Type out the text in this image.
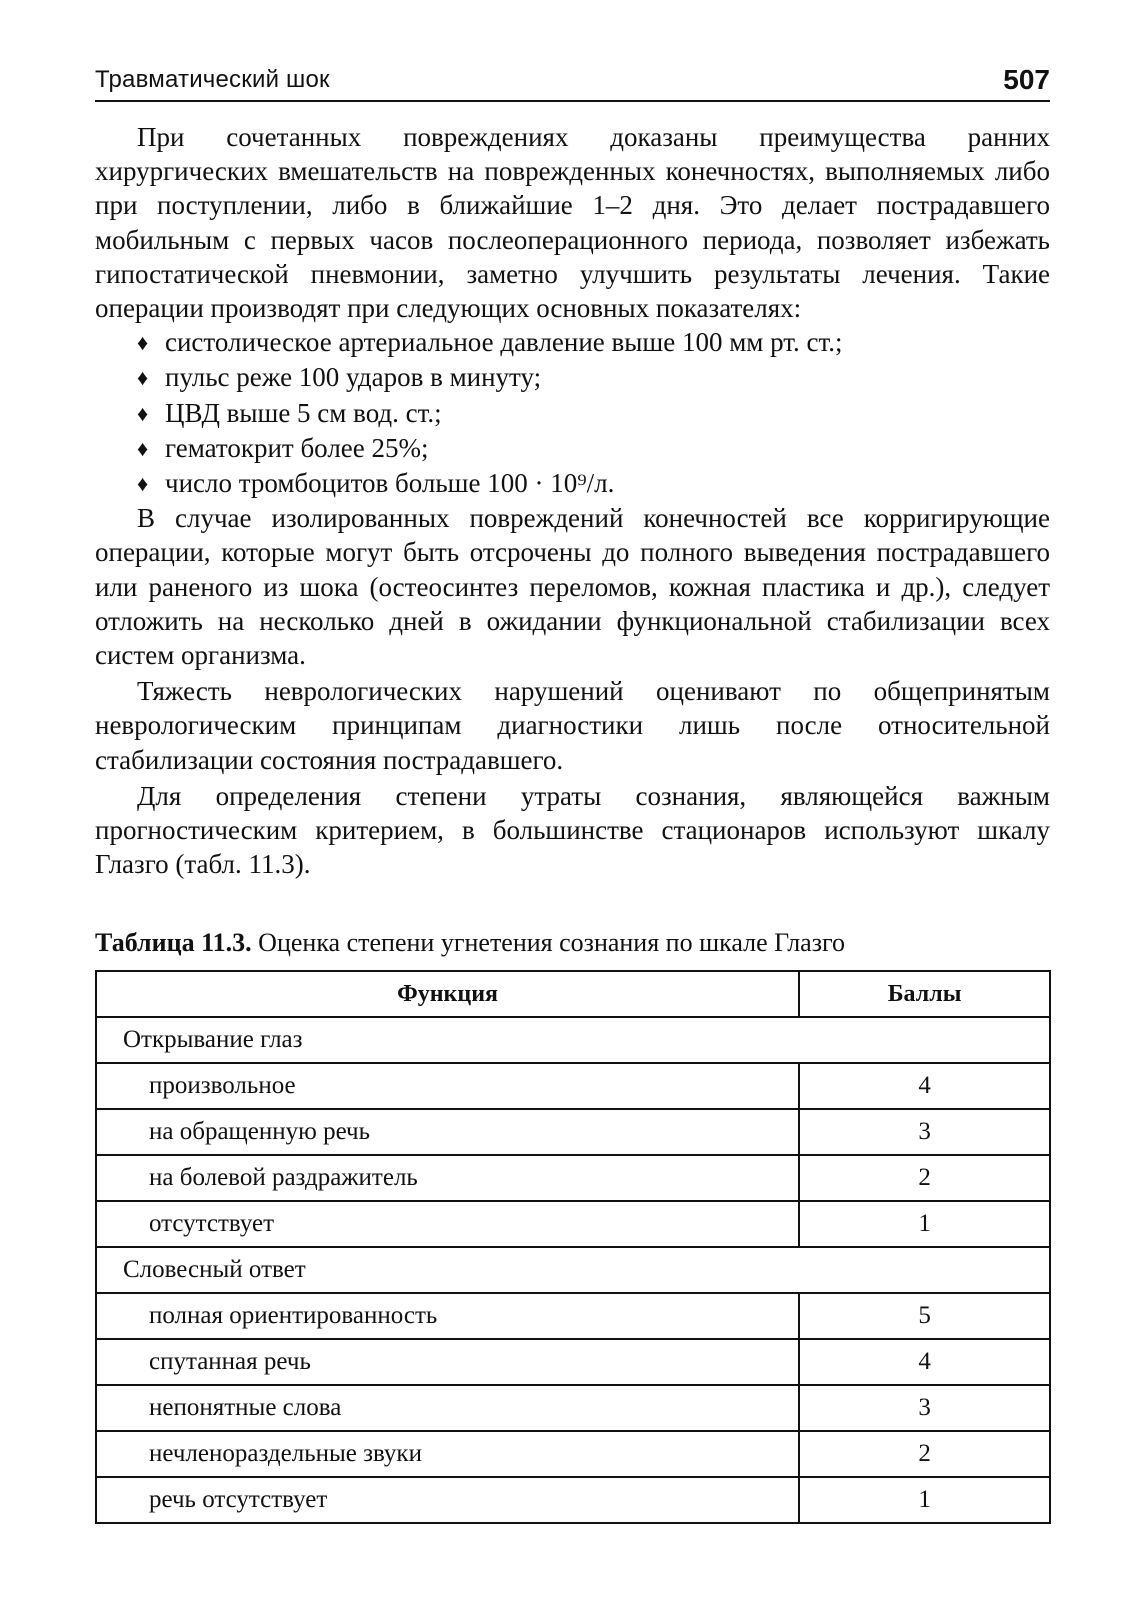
Травматический шок	507

При сочетанных повреждениях доказаны преимущества ранних хирургических вмешательств на поврежденных конечностях, выполняемых либо при поступлении, либо в ближайшие 1–2 дня. Это делает пострадавшего мобильным с первых часов послеоперационного периода, позволяет избежать гипостатической пневмонии, заметно улучшить результаты лечения. Такие операции производят при следующих основных показателях:

♦ систолическое артериальное давление выше 100 мм рт. ст.;
♦ пульс реже 100 ударов в минуту;
♦ ЦВД выше 5 см вод. ст.;
♦ гематокрит более 25%;
♦ число тромбоцитов больше 100 · 10⁹/л.

В случае изолированных повреждений конечностей все корригирующие операции, которые могут быть отсрочены до полного выведения пострадавшего или раненого из шока (остеосинтез переломов, кожная пластика и др.), следует отложить на несколько дней в ожидании функциональной стабилизации всех систем организма.

Тяжесть неврологических нарушений оценивают по общепринятым неврологическим принципам диагностики лишь после относительной стабилизации состояния пострадавшего.

Для определения степени утраты сознания, являющейся важным прогностическим критерием, в большинстве стационаров используют шкалу Глазго (табл. 11.3).

Таблица 11.3. Оценка степени угнетения сознания по шкале Глазго
Функция	Баллы
Открывание глаз	
произвольное	4
на обращенную речь	3
на болевой раздражитель	2
отсутствует	1
Словесный ответ	
полная ориентированность	5
спутанная речь	4
непонятные слова	3
нечленораздельные звуки	2
речь отсутствует	1
